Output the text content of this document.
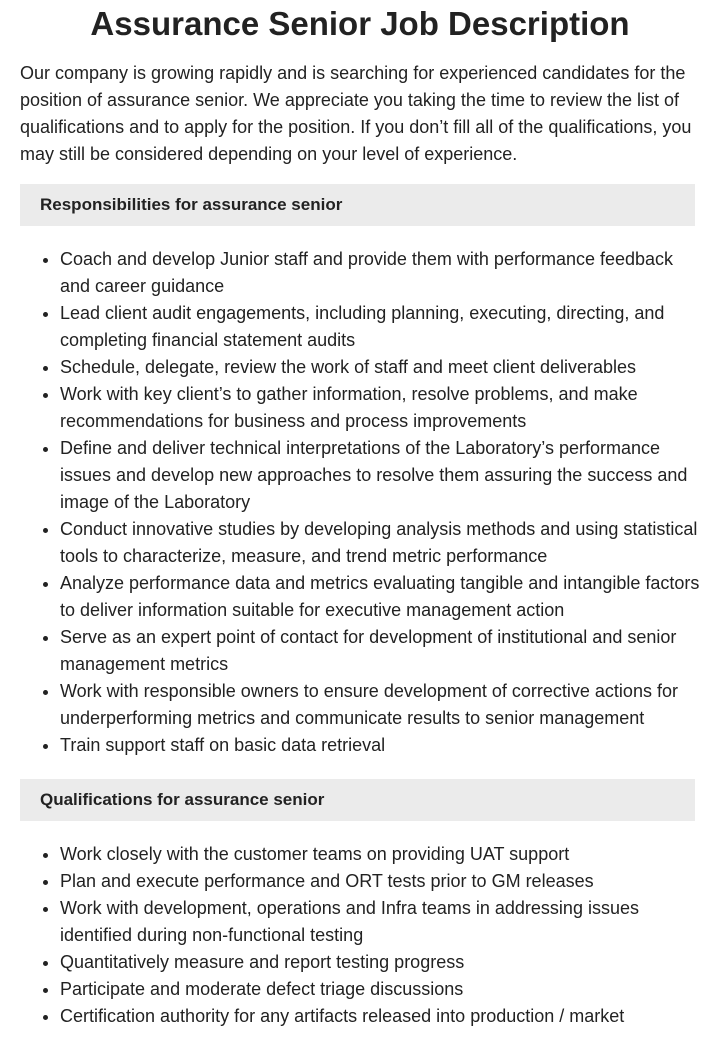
Assurance Senior Job Description

Our company is growing rapidly and is searching for experienced candidates for the position of assurance senior. We appreciate you taking the time to review the list of qualifications and to apply for the position. If you don’t fill all of the qualifications, you may still be considered depending on your level of experience.

Responsibilities for assurance senior
• Coach and develop Junior staff and provide them with performance feedback and career guidance
• Lead client audit engagements, including planning, executing, directing, and completing financial statement audits
• Schedule, delegate, review the work of staff and meet client deliverables
• Work with key client’s to gather information, resolve problems, and make recommendations for business and process improvements
• Define and deliver technical interpretations of the Laboratory’s performance issues and develop new approaches to resolve them assuring the success and image of the Laboratory
• Conduct innovative studies by developing analysis methods and using statistical tools to characterize, measure, and trend metric performance
• Analyze performance data and metrics evaluating tangible and intangible factors to deliver information suitable for executive management action
• Serve as an expert point of contact for development of institutional and senior management metrics
• Work with responsible owners to ensure development of corrective actions for underperforming metrics and communicate results to senior management
• Train support staff on basic data retrieval
Qualifications for assurance senior
• Work closely with the customer teams on providing UAT support
• Plan and execute performance and ORT tests prior to GM releases
• Work with development, operations and Infra teams in addressing issues identified during non-functional testing
• Quantitatively measure and report testing progress
• Participate and moderate defect triage discussions
• Certification authority for any artifacts released into production / market
